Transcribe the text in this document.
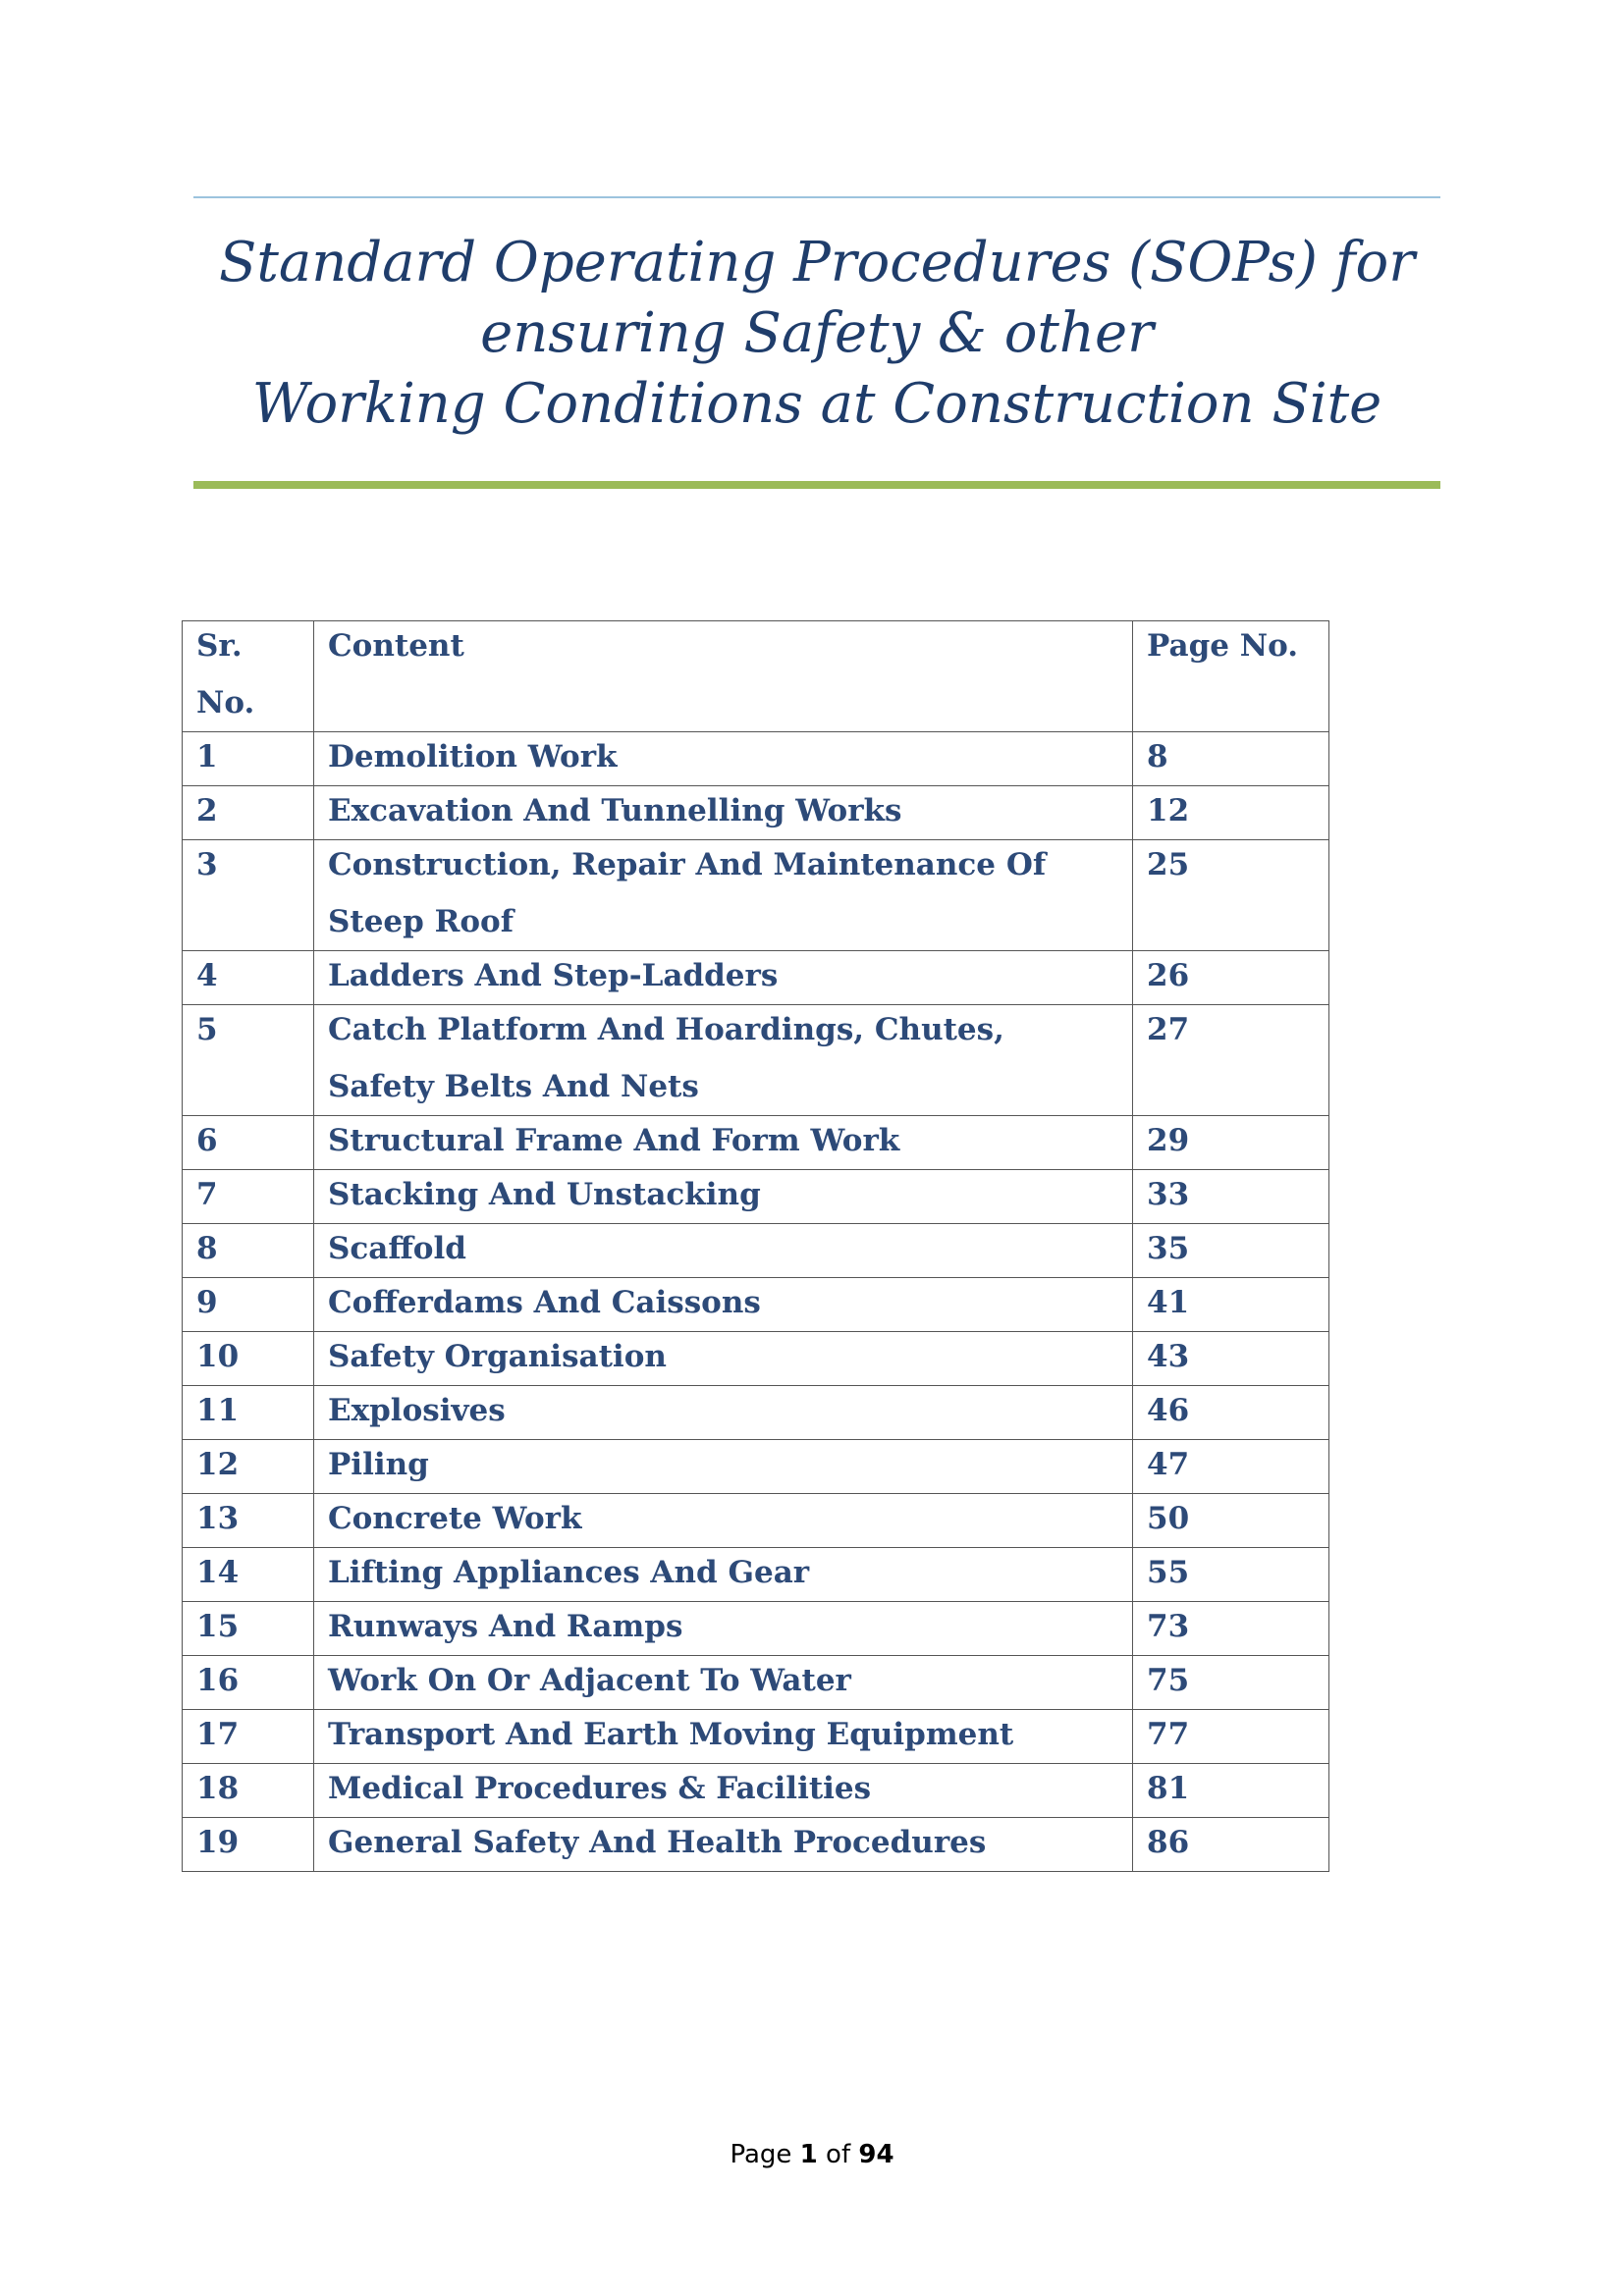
Standard Operating Procedures (SOPs) for
ensuring Safety & other
Working Conditions at Construction Site
Sr. No.	Content	Page No.

1	Demolition Work	8

2	Excavation And Tunnelling Works	12

3	Construction, Repair And Maintenance Of Steep Roof	25

4	Ladders And Step-Ladders	26

5	Catch Platform And Hoardings, Chutes, Safety Belts And Nets	27

6	Structural Frame And Form Work	29

7	Stacking And Unstacking	33

8	Scaffold	35

9	Cofferdams And Caissons	41

10	Safety Organisation	43

11	Explosives	46

12	Piling	47

13	Concrete Work	50

14	Lifting Appliances And Gear	55

15	Runways And Ramps	73

16	Work On Or Adjacent To Water	75

17	Transport And Earth Moving Equipment	77

18	Medical Procedures & Facilities	81

19	General Safety And Health Procedures	86
Page 1 of 94
